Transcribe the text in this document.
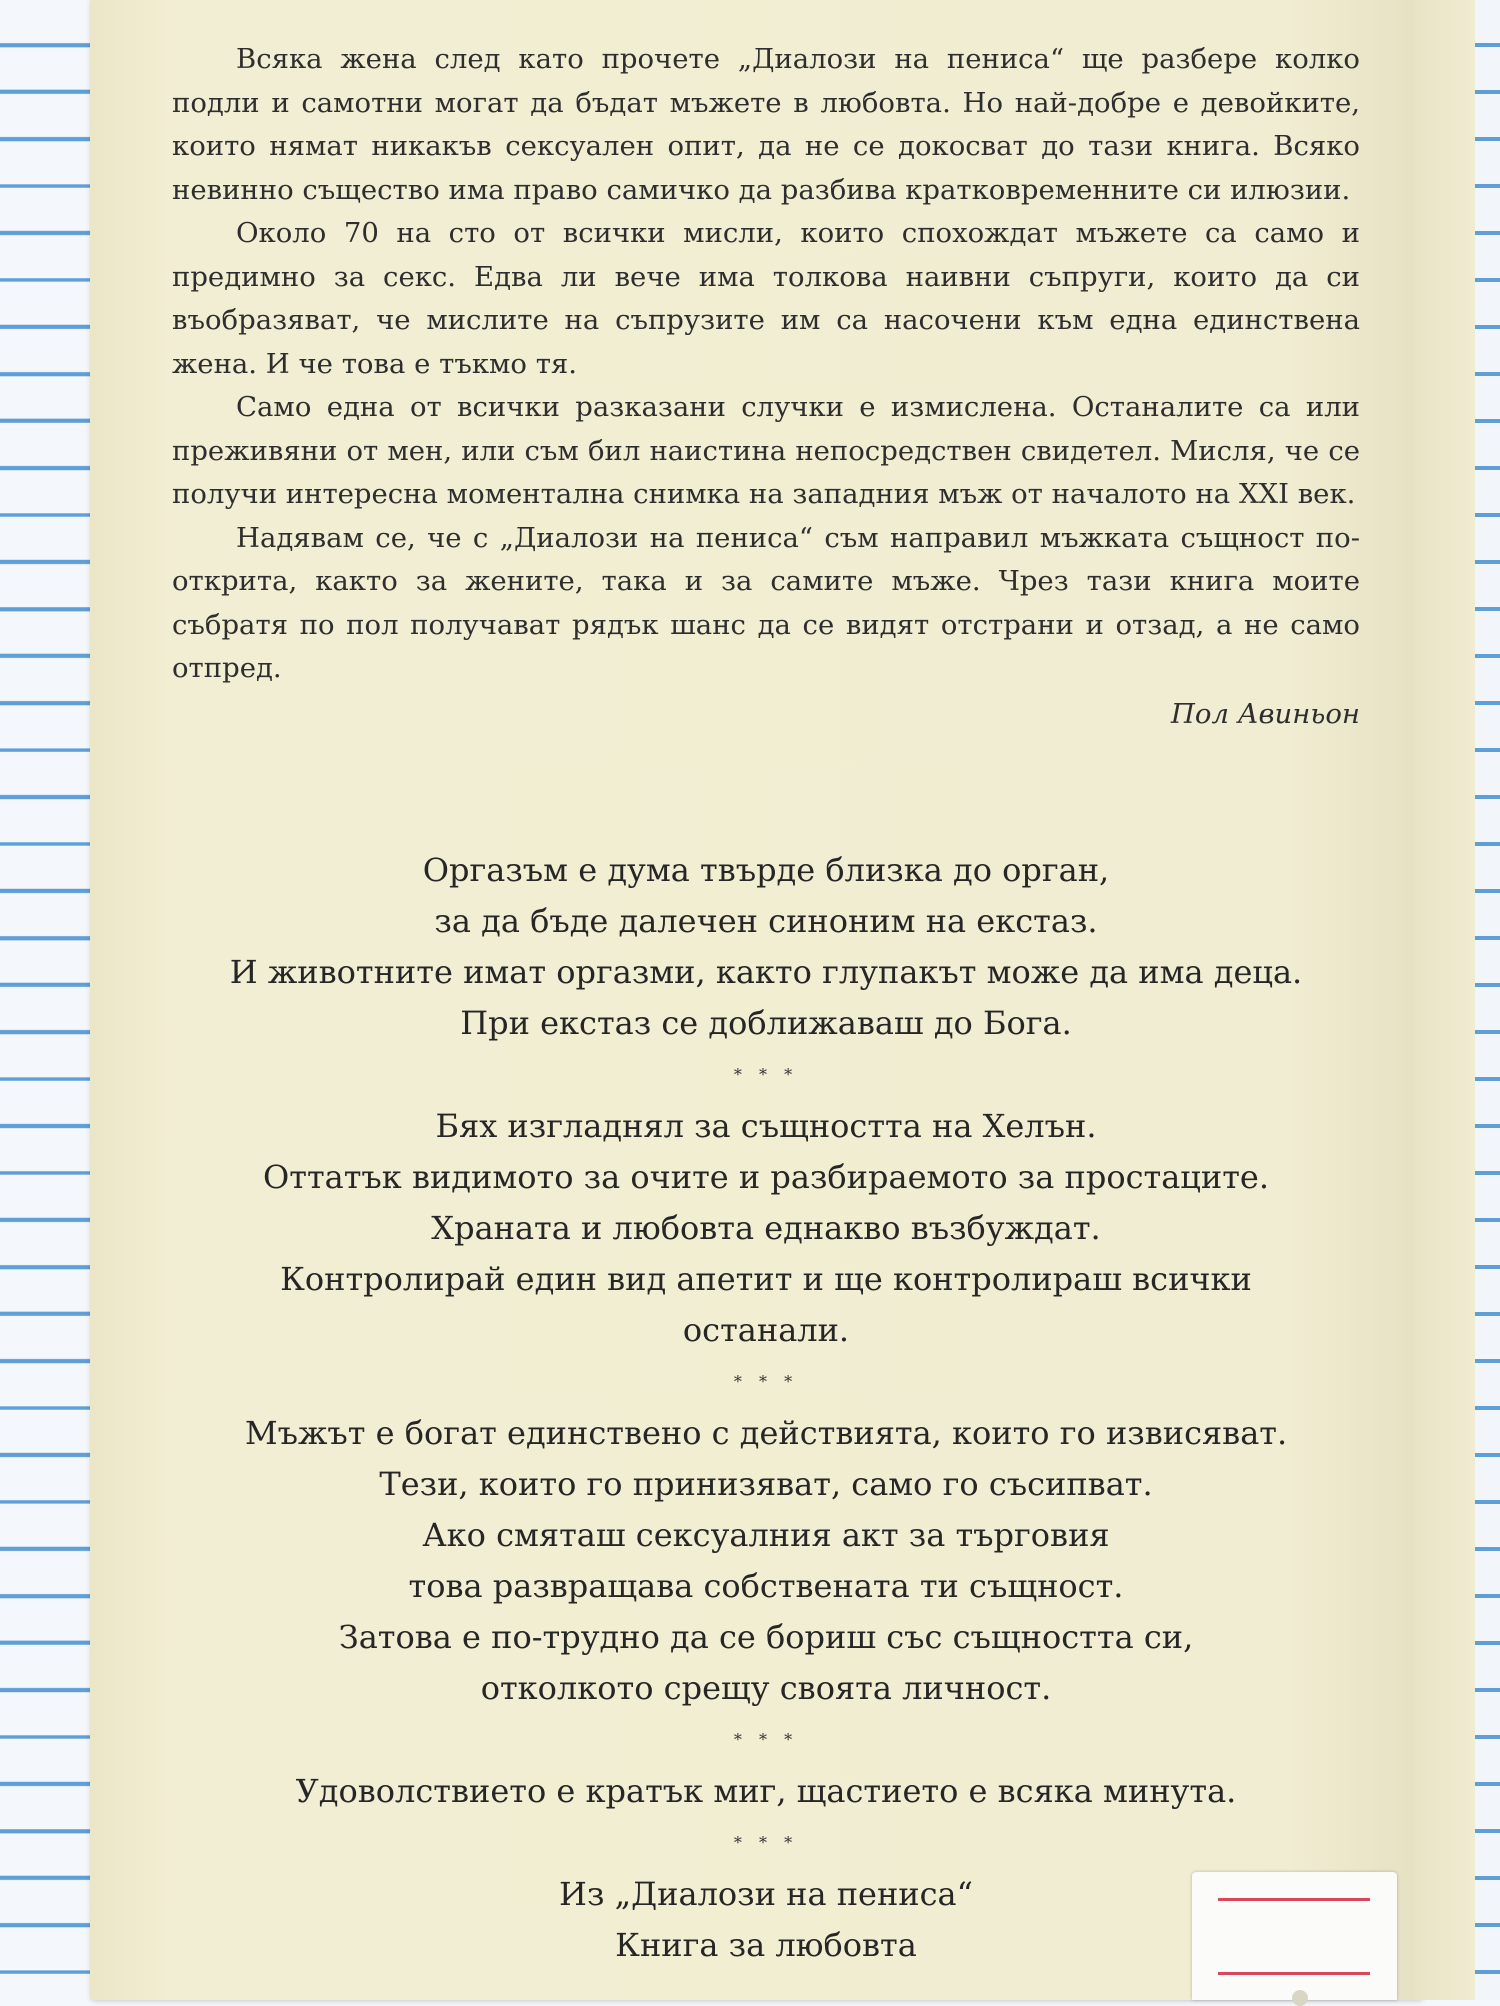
Всяка жена след като прочете „Диалози на пениса“ ще разбере колко подли и самотни могат да бъдат мъжете в любовта. Но най-добре е девойките, които нямат никакъв сексуален опит, да не се докосват до тази книга. Всяко невинно същество има право самичко да разбива кратковременните си илюзии.

Около 70 на сто от всички мисли, които спохождат мъжете са само и предимно за секс. Едва ли вече има толкова наивни съпруги, които да си въобразяват, че мислите на съпрузите им са насочени към една единствена жена. И че това е тъкмо тя.

Само една от всички разказани случки е измислена. Останалите са или преживяни от мен, или съм бил наистина непосредствен свидетел. Мисля, че се получи интересна моментална снимка на западния мъж от началото на XXI век.

Надявам се, че с „Диалози на пениса“ съм направил мъжката същност по-открита, както за жените, така и за самите мъже. Чрез тази книга моите събратя по пол получават рядък шанс да се видят отстрани и отзад, а не само отпред.

Пол Авиньон

Оргазъм е дума твърде близка до орган,
за да бъде далечен синоним на екстаз.
И животните имат оргазми, както глупакът може да има деца.
При екстаз се доближаваш до Бога.
* * *
Бях изгладнял за същността на Хелън.
Оттатък видимото за очите и разбираемото за простаците.
Храната и любовта еднакво възбуждат.
Контролирай един вид апетит и ще контролираш всички
останали.
* * *
Мъжът е богат единствено с действията, които го извисяват.
Тези, които го принизяват, само го съсипват.
Ако смяташ сексуалния акт за търговия
това развращава собствената ти същност.
Затова е по-трудно да се бориш със същността си,
отколкото срещу своята личност.
* * *
Удоволствието е кратък миг, щастието е всяка минута.
* * *
Из „Диалози на пениса“
Книга за любовта
